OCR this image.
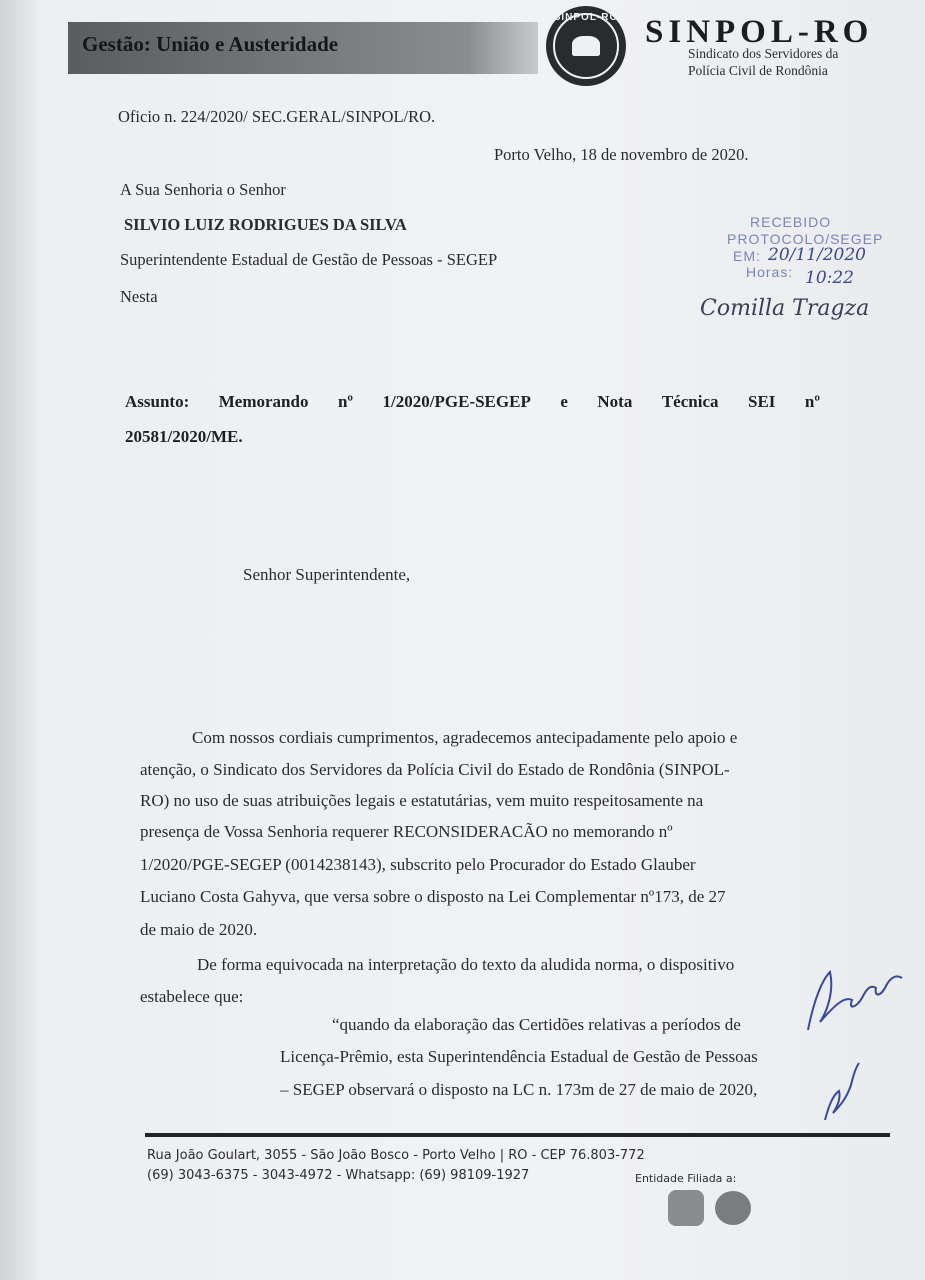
Gestão: União e Austeridade
SINPOL-RO SINPOL-RO
Sindicato dos Servidores da
Polícia Civil de Rondônia
Oficio n. 224/2020/ SEC.GERAL/SINPOL/RO.
Porto Velho, 18 de novembro de 2020.
A Sua Senhoria o Senhor
SILVIO LUIZ RODRIGUES DA SILVA
Superintendente Estadual de Gestão de Pessoas - SEGEP
Nesta
RECEBIDO
PROTOCOLO/SEGEP
EM: 20/11/2020
Horas: 10:22
Comilla Tragza
Assunto: Memorando nº 1/2020/PGE-SEGEP e Nota Técnica SEI nº
20581/2020/ME.
Senhor Superintendente,
Com nossos cordiais cumprimentos, agradecemos antecipadamente pelo apoio e
atenção, o Sindicato dos Servidores da Polícia Civil do Estado de Rondônia (SINPOL-
RO) no uso de suas atribuições legais e estatutárias, vem muito respeitosamente na
presença de Vossa Senhoria requerer RECONSIDERACÃO no memorando nº
1/2020/PGE-SEGEP (0014238143), subscrito pelo Procurador do Estado Glauber
Luciano Costa Gahyva, que versa sobre o disposto na Lei Complementar nº173, de 27
de maio de 2020.
De forma equivocada na interpretação do texto da aludida norma, o dispositivo
estabelece que:
“quando da elaboração das Certidões relativas a períodos de
Licença-Prêmio, esta Superintendência Estadual de Gestão de Pessoas
– SEGEP observará o disposto na LC n. 173m de 27 de maio de 2020,
Rua João Goulart, 3055 - São João Bosco - Porto Velho | RO - CEP 76.803-772
(69) 3043-6375 - 3043-4972 - Whatsapp: (69) 98109-1927	Entidade Filiada a:
